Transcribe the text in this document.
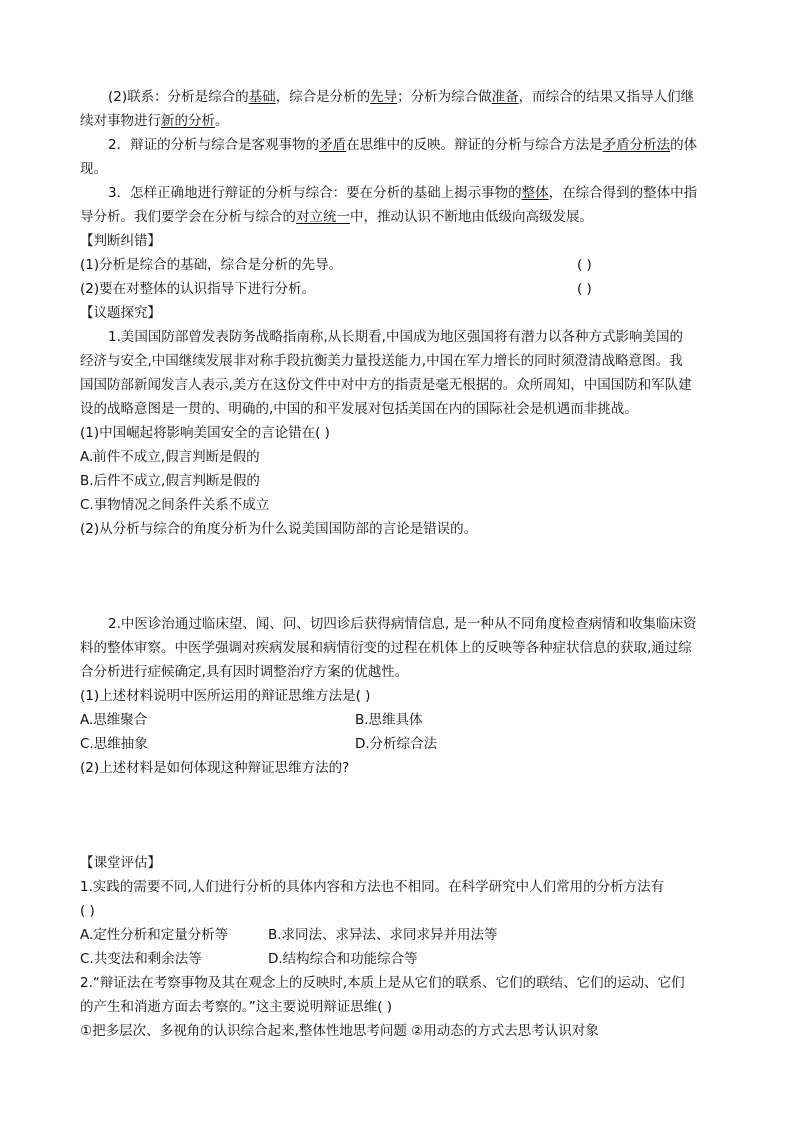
(2)联系：分析是综合的基础，综合是分析的先导；分析为综合做准备，而综合的结果又指导人们继
续对事物进行新的分析。
2．辩证的分析与综合是客观事物的矛盾在思维中的反映。辩证的分析与综合方法是矛盾分析法的体
现。
3．怎样正确地进行辩证的分析与综合：要在分析的基础上揭示事物的整体，在综合得到的整体中指
导分析。我们要学会在分析与综合的对立统一中，推动认识不断地由低级向高级发展。
【判断纠错】
(1)分析是综合的基础，综合是分析的先导。	( )
(2)要在对整体的认识指导下进行分析。	( )
【议题探究】
1.美国国防部曾发表防务战略指南称,从长期看,中国成为地区强国将有潜力以各种方式影响美国的
经济与安全,中国继续发展非对称手段抗衡美力量投送能力,中国在军力增长的同时须澄清战略意图。我
国国防部新闻发言人表示,美方在这份文件中对中方的指责是毫无根据的。众所周知，中国国防和军队建
设的战略意图是一贯的、明确的,中国的和平发展对包括美国在内的国际社会是机遇而非挑战。
(1)中国崛起将影响美国安全的言论错在( )
A.前件不成立,假言判断是假的
B.后件不成立,假言判断是假的
C.事物情况之间条件关系不成立
(2)从分析与综合的角度分析为什么说美国国防部的言论是错误的。
2.中医诊治通过临床望、闻、问、切四诊后获得病情信息, 是一种从不同角度检查病情和收集临床资
料的整体审察。中医学强调对疾病发展和病情衍变的过程在机体上的反映等各种症状信息的获取,通过综
合分析进行症候确定,具有因时调整治疗方案的优越性。
(1)上述材料说明中医所运用的辩证思维方法是( )
A.思维聚合	B.思维具体
C.思维抽象	D.分析综合法
(2)上述材料是如何体现这种辩证思维方法的?
【课堂评估】
1.实践的需要不同,人们进行分析的具体内容和方法也不相同。在科学研究中人们常用的分析方法有
( )
A.定性分析和定量分析等	B.求同法、求异法、求同求异并用法等
C.共变法和剩余法等	D.结构综合和功能综合等
2.“辩证法在考察事物及其在观念上的反映时,本质上是从它们的联系、它们的联结、它们的运动、它们
的产生和消逝方面去考察的。”这主要说明辩证思维( )
①把多层次、多视角的认识综合起来,整体性地思考问题 ②用动态的方式去思考认识对象
